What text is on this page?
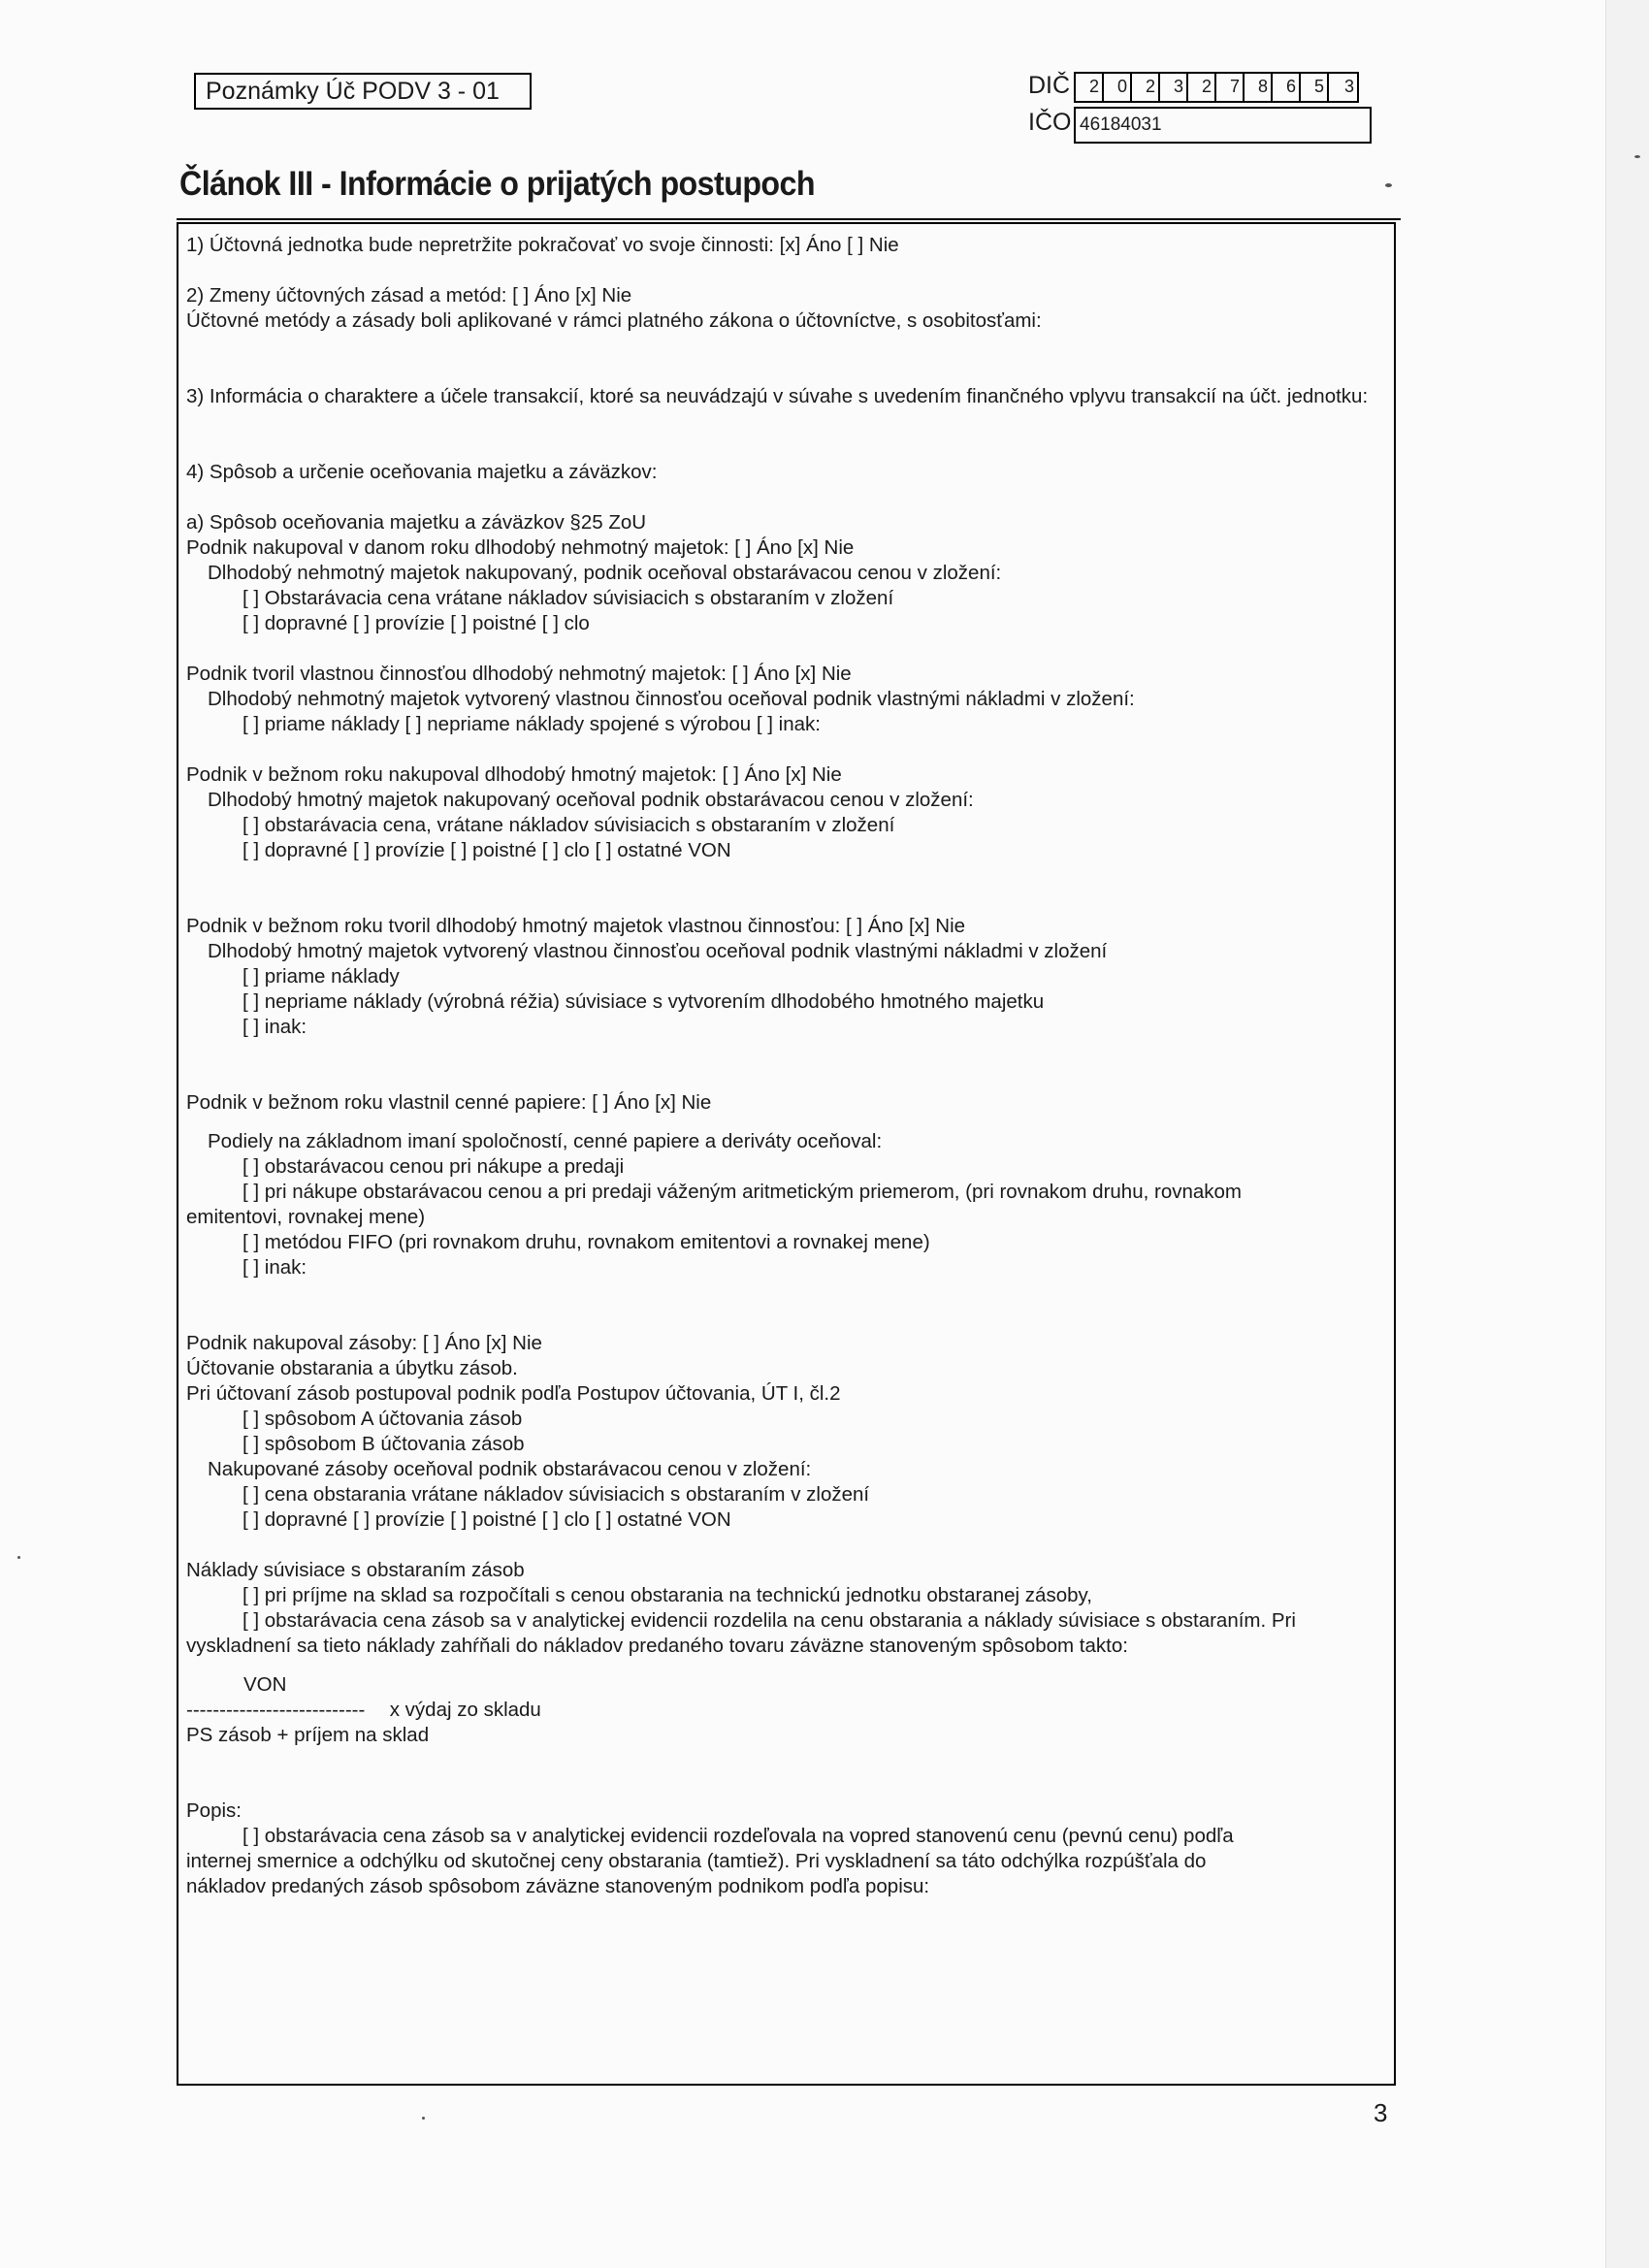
Poznámky Úč PODV 3 - 01	DIČ	2	0	2	3	2	7	8	6	5	3
IČO 46184031
Článok III - Informácie o prijatých postupoch
1) Účtovná jednotka bude nepretržite pokračovať vo svoje činnosti: [x] Áno [ ] Nie
2) Zmeny účtovných zásad a metód: [ ] Áno [x] Nie
Účtovné metódy a zásady boli aplikované v rámci platného zákona o účtovníctve, s osobitosťami:
3) Informácia o charaktere a účele transakcií, ktoré sa neuvádzajú v súvahe s uvedením finančného vplyvu transakcií na účt. jednotku:
4) Spôsob a určenie oceňovania majetku a záväzkov:
a) Spôsob oceňovania majetku a záväzkov §25 ZoU
Podnik nakupoval v danom roku dlhodobý nehmotný majetok: [ ] Áno [x] Nie
Dlhodobý nehmotný majetok nakupovaný, podnik oceňoval obstarávacou cenou v zložení:
[ ] Obstarávacia cena vrátane nákladov súvisiacich s obstaraním v zložení
[ ] dopravné [ ] provízie [ ] poistné [ ] clo
Podnik tvoril vlastnou činnosťou dlhodobý nehmotný majetok: [ ] Áno [x] Nie
Dlhodobý nehmotný majetok vytvorený vlastnou činnosťou oceňoval podnik vlastnými nákladmi v zložení:
[ ] priame náklady [ ] nepriame náklady spojené s výrobou [ ] inak:
Podnik v bežnom roku nakupoval dlhodobý hmotný majetok: [ ] Áno [x] Nie
Dlhodobý hmotný majetok nakupovaný oceňoval podnik obstarávacou cenou v zložení:
[ ] obstarávacia cena, vrátane nákladov súvisiacich s obstaraním v zložení
[ ] dopravné [ ] provízie [ ] poistné [ ] clo [ ] ostatné VON
Podnik v bežnom roku tvoril dlhodobý hmotný majetok vlastnou činnosťou: [ ] Áno [x] Nie
Dlhodobý hmotný majetok vytvorený vlastnou činnosťou oceňoval podnik vlastnými nákladmi v zložení
[ ] priame náklady
[ ] nepriame náklady (výrobná réžia) súvisiace s vytvorením dlhodobého hmotného majetku
[ ] inak:
Podnik v bežnom roku vlastnil cenné papiere: [ ] Áno [x] Nie
Podiely na základnom imaní spoločností, cenné papiere a deriváty oceňoval:
[ ] obstarávacou cenou pri nákupe a predaji
[ ] pri nákupe obstarávacou cenou a pri predaji váženým aritmetickým priemerom, (pri rovnakom druhu, rovnakom
emitentovi, rovnakej mene)
[ ] metódou FIFO (pri rovnakom druhu, rovnakom emitentovi a rovnakej mene)
[ ] inak:
Podnik nakupoval zásoby: [ ] Áno [x] Nie
Účtovanie obstarania a úbytku zásob.
Pri účtovaní zásob postupoval podnik podľa Postupov účtovania, ÚT I, čl.2
[ ] spôsobom A účtovania zásob
[ ] spôsobom B účtovania zásob
Nakupované zásoby oceňoval podnik obstarávacou cenou v zložení:
[ ] cena obstarania vrátane nákladov súvisiacich s obstaraním v zložení
[ ] dopravné [ ] provízie [ ] poistné [ ] clo [ ] ostatné VON
Náklady súvisiace s obstaraním zásob
[ ] pri príjme na sklad sa rozpočítali s cenou obstarania na technickú jednotku obstaranej zásoby,
[ ] obstarávacia cena zásob sa v analytickej evidencii rozdelila na cenu obstarania a náklady súvisiace s obstaraním. Pri
vyskladnení sa tieto náklady zahŕňali do nákladov predaného tovaru záväzne stanoveným spôsobom takto:
VON
--------------------------- x výdaj zo skladu
PS zásob + príjem na sklad
Popis:
[ ] obstarávacia cena zásob sa v analytickej evidencii rozdeľovala na vopred stanovenú cenu (pevnú cenu) podľa
internej smernice a odchýlku od skutočnej ceny obstarania (tamtiež). Pri vyskladnení sa táto odchýlka rozpúšťala do
nákladov predaných zásob spôsobom záväzne stanoveným podnikom podľa popisu:
3
